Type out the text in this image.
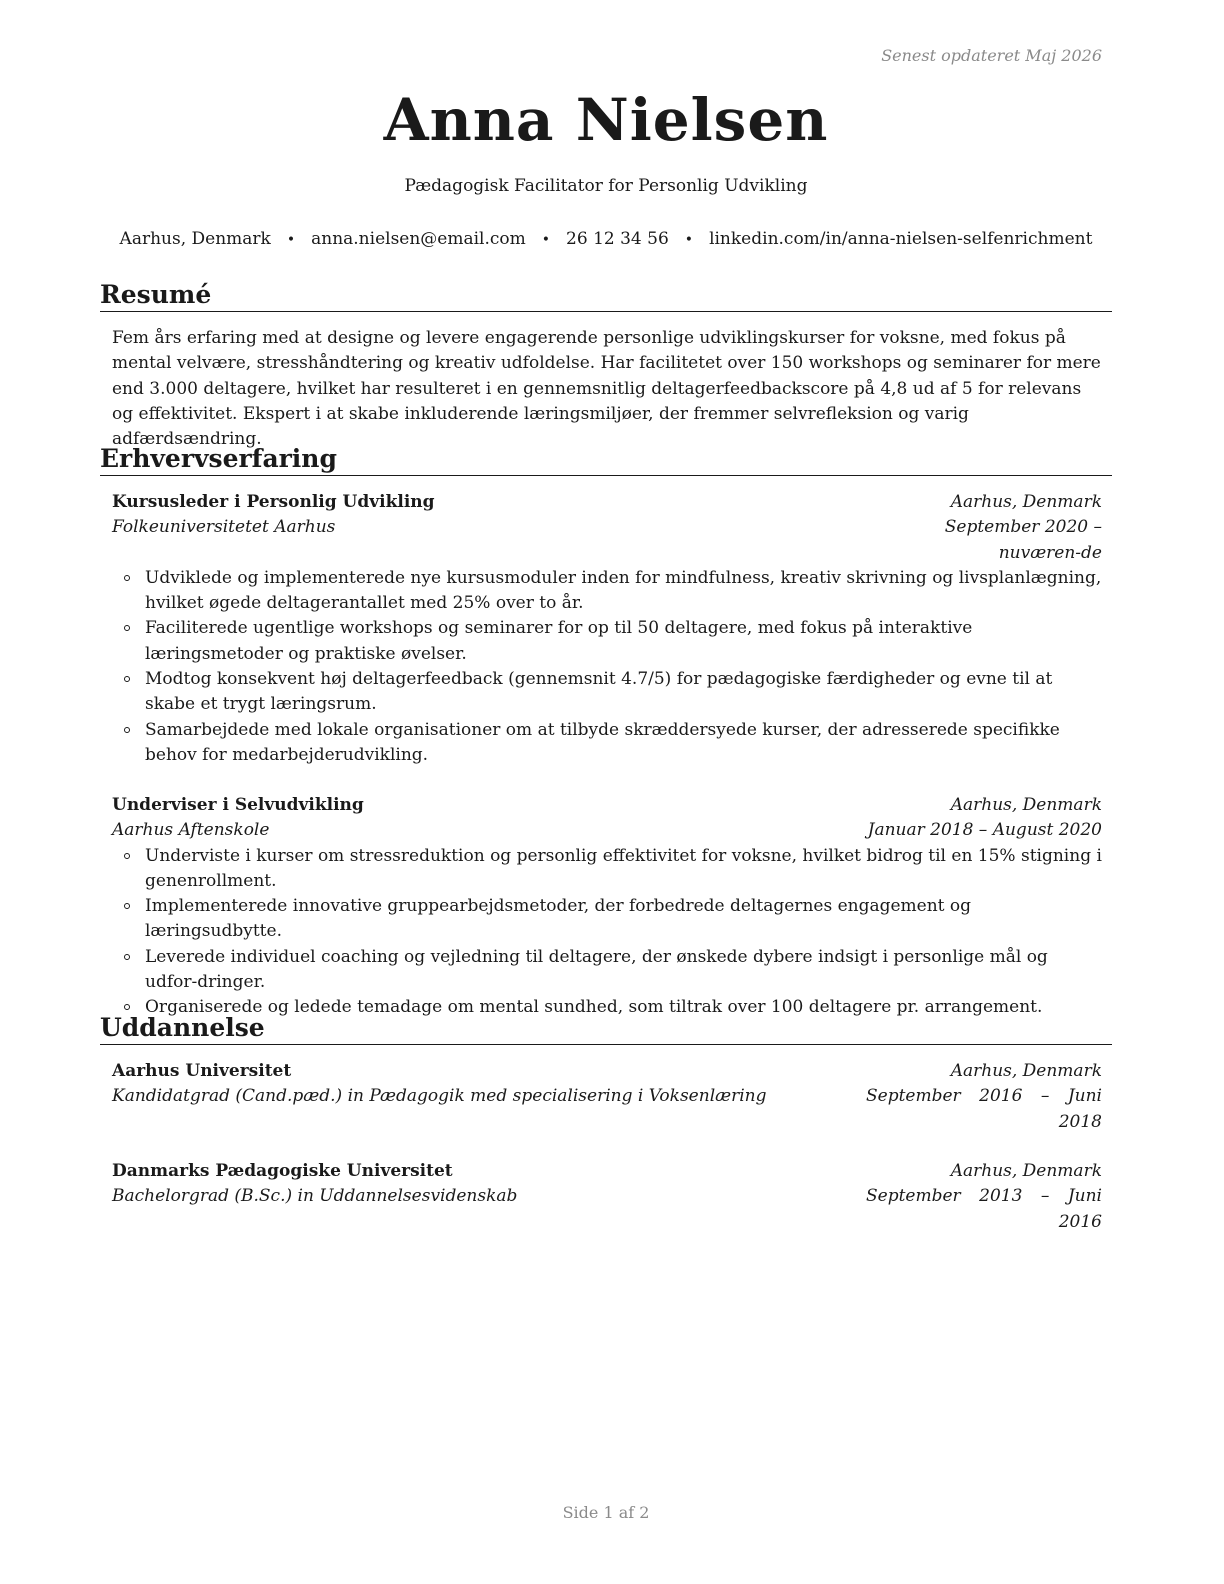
Senest opdateret Maj 2026
Anna Nielsen
Pædagogisk Facilitator for Personlig Udvikling
Aarhus, Denmark • anna.nielsen@email.com • 26 12 34 56 • linkedin.com/in/anna-nielsen-selfenrichment
Resumé
Fem års erfaring med at designe og levere engagerende personlige udviklingskurser for voksne, med fokus på mental velvære, stresshåndtering og kreativ udfoldelse. Har facilitetet over 150 workshops og seminarer for mere end 3.000 deltagere, hvilket har resulteret i en gennemsnitlig deltagerfeedbackscore på 4,8 ud af 5 for relevans og effektivitet. Ekspert i at skabe inkluderende læringsmiljøer, der fremmer selvrefleksion og varig adfærdsændring.
Erhvervserfaring
Kursusleder i Personlig Udvikling	Aarhus, Denmark
Folkeuniversitetet Aarhus	September 2020 – nuværen-de
Udviklede og implementerede nye kursusmoduler inden for mindfulness, kreativ skrivning og livsplanlægning, hvilket øgede deltagerantallet med 25% over to år.
Faciliterede ugentlige workshops og seminarer for op til 50 deltagere, med fokus på interaktive læringsmetoder og praktiske øvelser.
Modtog konsekvent høj deltagerfeedback (gennemsnit 4.7/5) for pædagogiske færdigheder og evne til at skabe et trygt læringsrum.
Samarbejdede med lokale organisationer om at tilbyde skræddersyede kurser, der adresserede specifikke behov for medarbejderudvikling.
Underviser i Selvudvikling	Aarhus, Denmark
Aarhus Aftenskole	Januar 2018 – August 2020
Underviste i kurser om stressreduktion og personlig effektivitet for voksne, hvilket bidrog til en 15% stigning i genenrollment.
Implementerede innovative gruppearbejdsmetoder, der forbedrede deltagernes engagement og læringsudbytte.
Leverede individuel coaching og vejledning til deltagere, der ønskede dybere indsigt i personlige mål og udfor-dringer.
Organiserede og ledede temadage om mental sundhed, som tiltrak over 100 deltagere pr. arrangement.
Uddannelse
Aarhus Universitet	Aarhus, Denmark
Kandidatgrad (Cand.pæd.) in Pædagogik med specialisering i Voksenlæring	September 2016 – Juni 2018
Danmarks Pædagogiske Universitet	Aarhus, Denmark
Bachelorgrad (B.Sc.) in Uddannelsesvidenskab	September 2013 – Juni 2016
Side 1 af 2
